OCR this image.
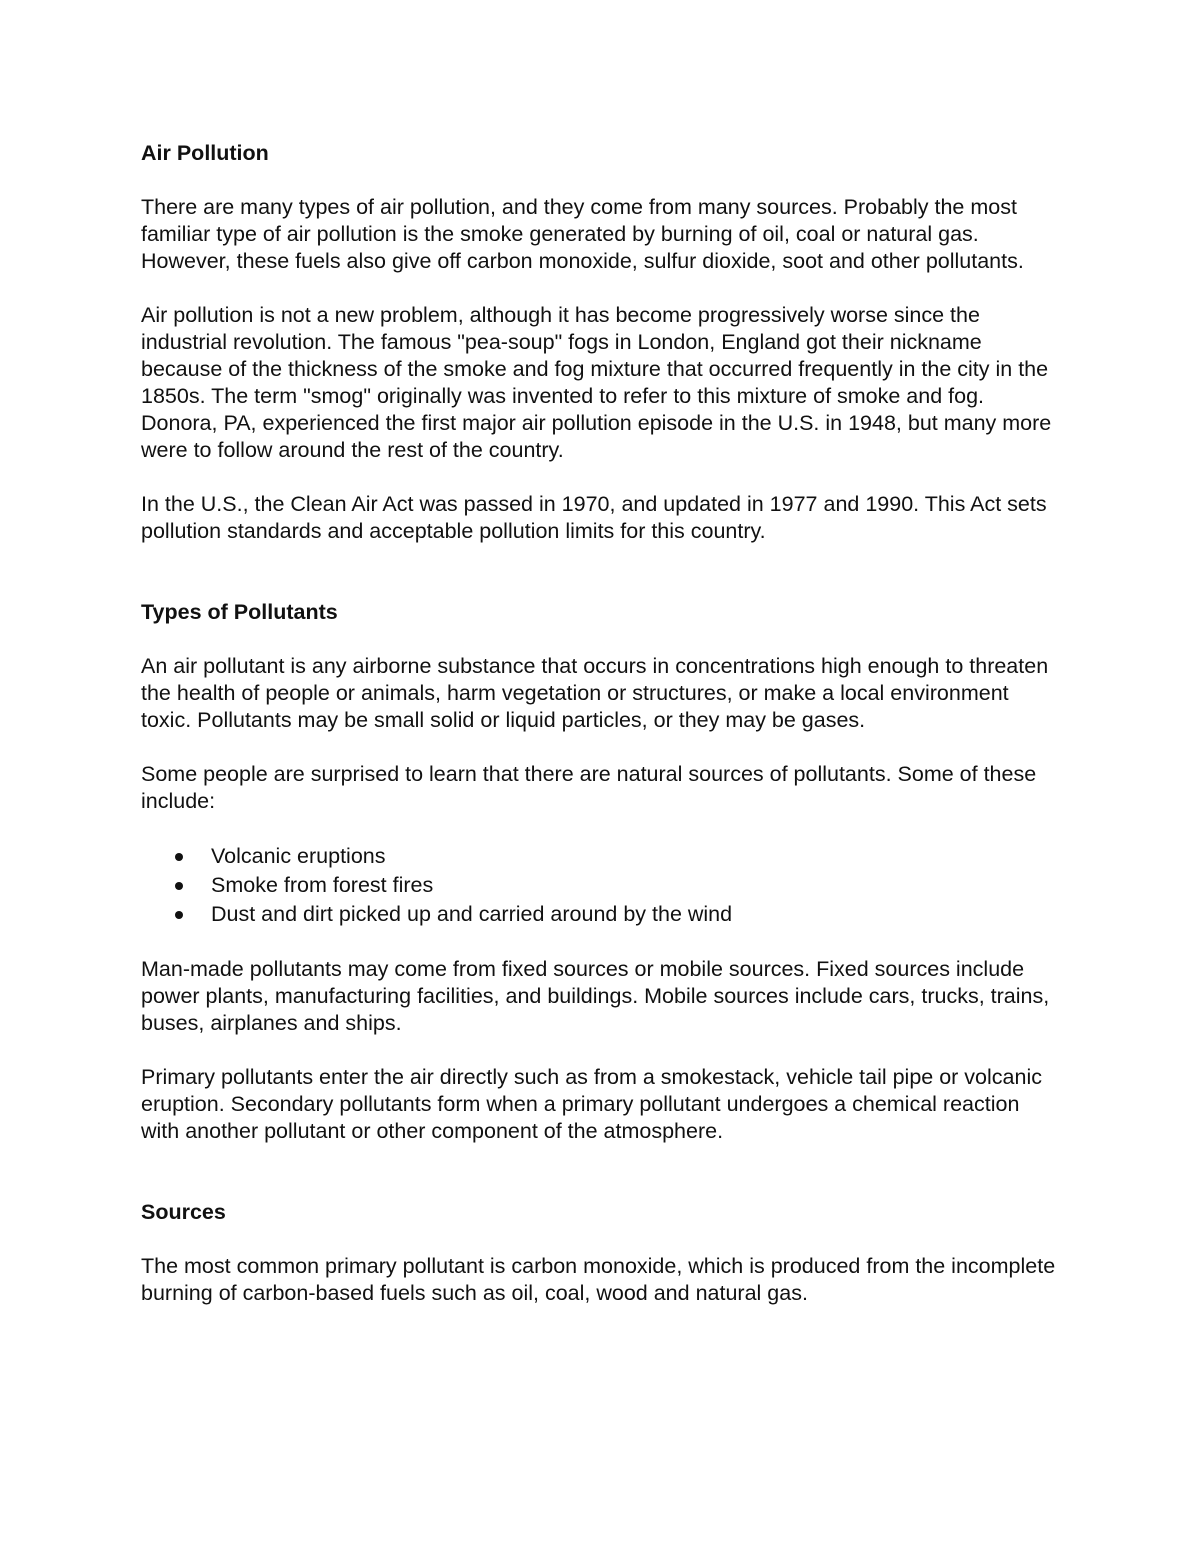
Air Pollution

There are many types of air pollution, and they come from many sources. Probably the most familiar type of air pollution is the smoke generated by burning of oil, coal or natural gas. However, these fuels also give off carbon monoxide, sulfur dioxide, soot and other pollutants.

Air pollution is not a new problem, although it has become progressively worse since the industrial revolution. The famous "pea-soup" fogs in London, England got their nickname because of the thickness of the smoke and fog mixture that occurred frequently in the city in the 1850s. The term "smog" originally was invented to refer to this mixture of smoke and fog. Donora, PA, experienced the first major air pollution episode in the U.S. in 1948, but many more were to follow around the rest of the country.

In the U.S., the Clean Air Act was passed in 1970, and updated in 1977 and 1990. This Act sets pollution standards and acceptable pollution limits for this country.

Types of Pollutants

An air pollutant is any airborne substance that occurs in concentrations high enough to threaten the health of people or animals, harm vegetation or structures, or make a local environment toxic. Pollutants may be small solid or liquid particles, or they may be gases.

Some people are surprised to learn that there are natural sources of pollutants. Some of these include:

Volcanic eruptions
Smoke from forest fires
Dust and dirt picked up and carried around by the wind

Man-made pollutants may come from fixed sources or mobile sources. Fixed sources include power plants, manufacturing facilities, and buildings. Mobile sources include cars, trucks, trains, buses, airplanes and ships.

Primary pollutants enter the air directly such as from a smokestack, vehicle tail pipe or volcanic eruption. Secondary pollutants form when a primary pollutant undergoes a chemical reaction with another pollutant or other component of the atmosphere.

Sources

The most common primary pollutant is carbon monoxide, which is produced from the incomplete burning of carbon-based fuels such as oil, coal, wood and natural gas.
